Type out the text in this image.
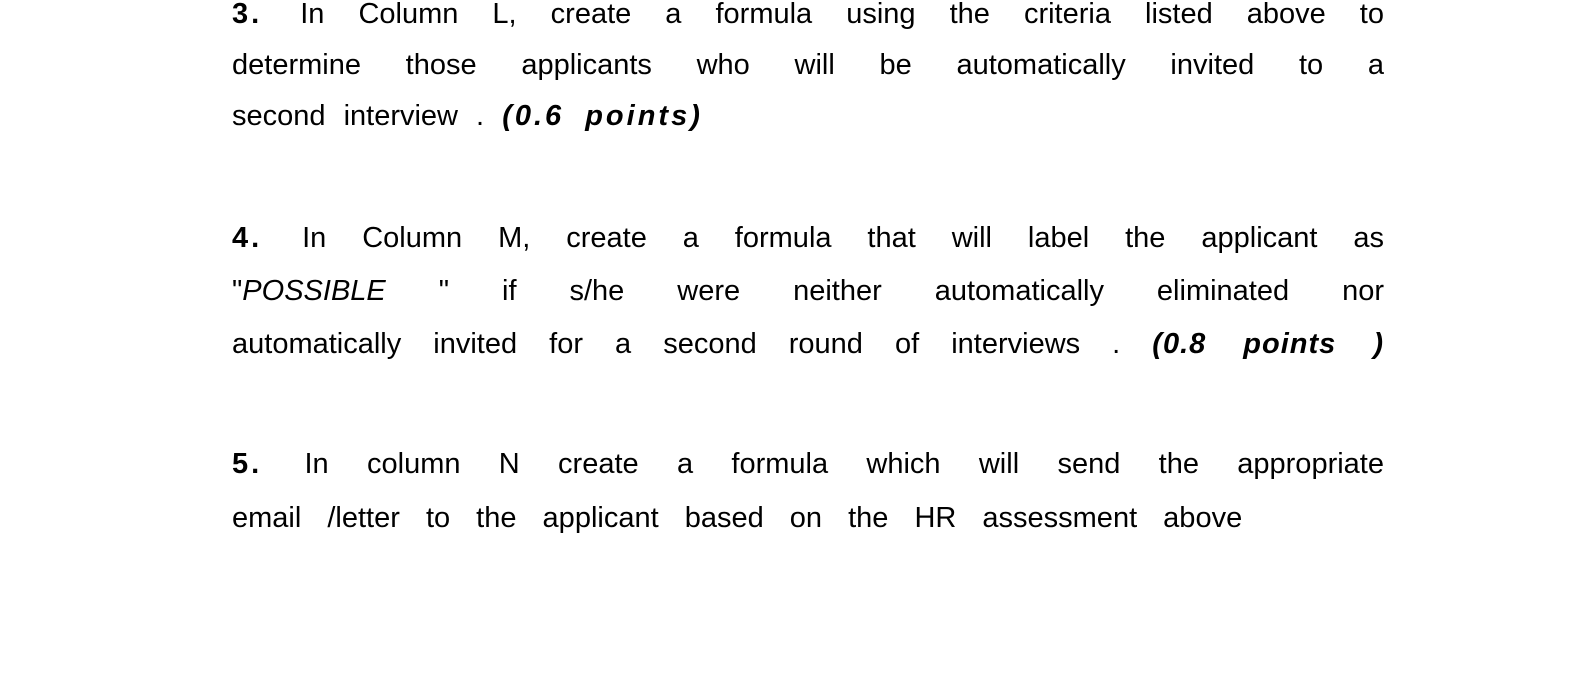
3. In Column L, create a formula using the criteria listed above to
determine those applicants who will be automatically invited to a
second interview . (0.6 points)
4. In Column M, create a formula that will label the applicant as
"POSSIBLE " if s/he were neither automatically eliminated nor
automatically invited for a second round of interviews . (0.8 points )
5. In column N create a formula which will send the appropriate
email /letter to the applicant based on the HR assessment above
